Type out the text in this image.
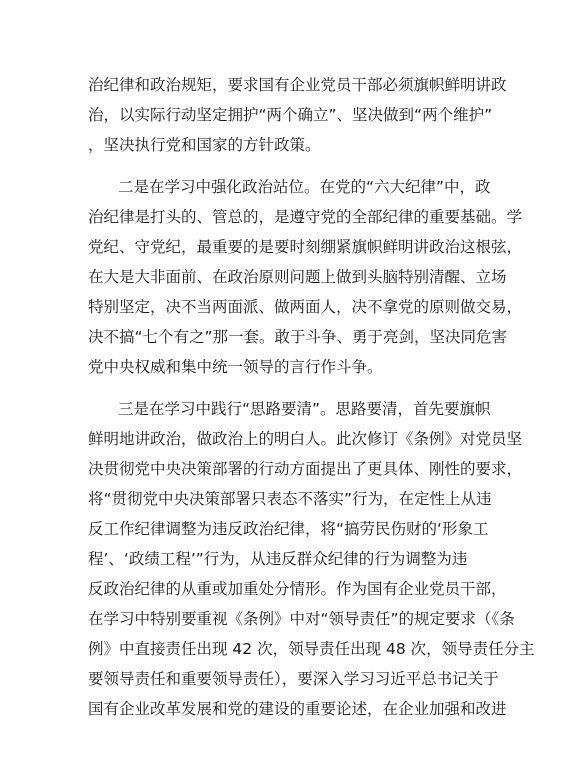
治纪律和政治规矩，要求国有企业党员干部必须旗帜鲜明讲政
治，以实际行动坚定拥护“两个确立”、坚决做到“两个维护”
，坚决执行党和国家的方针政策。
二是在学习中强化政治站位。在党的“六大纪律”中，政
治纪律是打头的、管总的，是遵守党的全部纪律的重要基础。学
党纪、守党纪，最重要的是要时刻绷紧旗帜鲜明讲政治这根弦，
在大是大非面前、在政治原则问题上做到头脑特别清醒、立场
特别坚定，决不当两面派、做两面人，决不拿党的原则做交易，
决不搞“七个有之”那一套。敢于斗争、勇于亮剑，坚决同危害
党中央权威和集中统一领导的言行作斗争。
三是在学习中践行“思路要清”。思路要清，首先要旗帜
鲜明地讲政治，做政治上的明白人。此次修订《条例》对党员坚
决贯彻党中央决策部署的行动方面提出了更具体、刚性的要求，
将“贯彻党中央决策部署只表态不落实”行为，在定性上从违
反工作纪律调整为违反政治纪律，将“搞劳民伤财的‘形象工
程’、‘政绩工程’”行为，从违反群众纪律的行为调整为违
反政治纪律的从重或加重处分情形。作为国有企业党员干部，
在学习中特别要重视《条例》中对“领导责任”的规定要求（《条
例》中直接责任出现 42 次，领导责任出现 48 次，领导责任分主
要领导责任和重要领导责任），要深入学习习近平总书记关于
国有企业改革发展和党的建设的重要论述，在企业加强和改进
